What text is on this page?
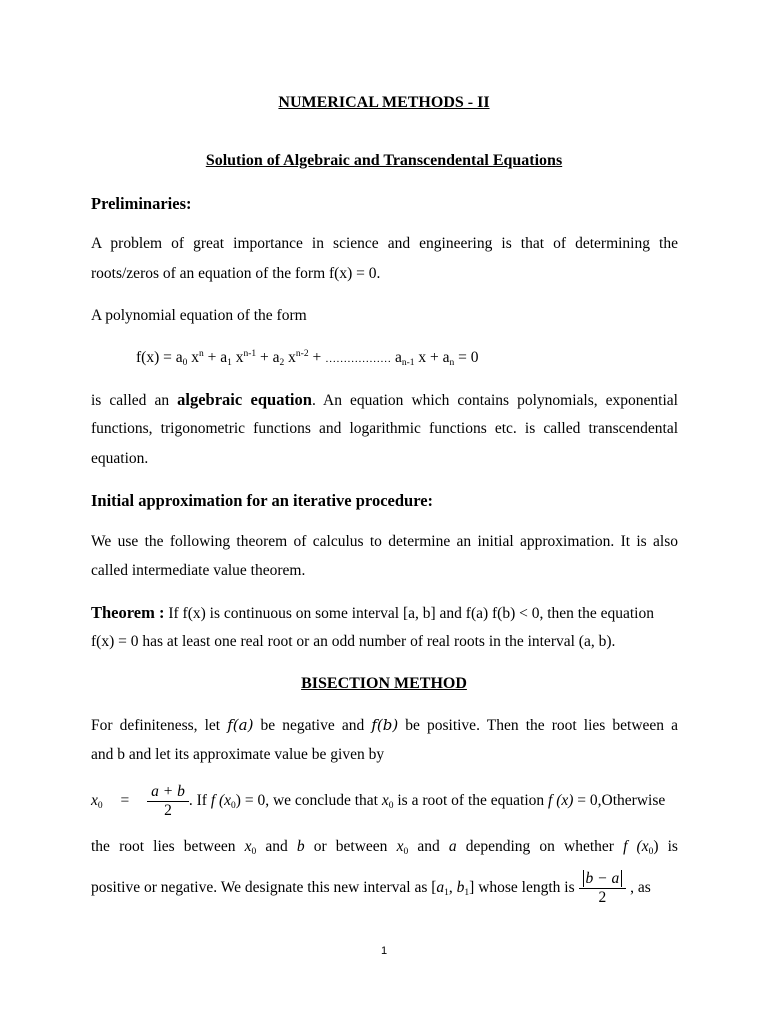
NUMERICAL METHODS - II
Solution of Algebraic and Transcendental Equations
Preliminaries:
A problem of great importance in science and engineering is that of determining the
roots/zeros of an equation of the form f(x) = 0.
A polynomial equation of the form
$f(x) = a_0$ $x^n + a_1$ $x^{n-1} + a_2$ $x^{n-2}$ + ……………… $a_{n-1}$ $x + a_n = 0$
is called an algebraic equation. An equation which contains polynomials, exponential
functions, trigonometric functions and logarithmic functions etc. is called transcendental
equation.
Initial approximation for an iterative procedure:
We use the following theorem of calculus to determine an initial approximation. It is also
called intermediate value theorem.
Theorem : If f(x) is continuous on some interval [a, b] and f(a) f(b) < 0, then the equation
f(x) = 0 has at least one real root or an odd number of real roots in the interval (a, b).
BISECTION METHOD
For definiteness, let f(a) be negative and f(b) be positive. Then the root lies between a
and b and let its approximate value be given by
$x_0 = \frac{a + b}{2}$ . If f $(x_0) = 0$, we conclude that $x_0$ is a root of the equation f (x) = 0,Otherwise
the root lies between $x_0$ and b or between $x_0$ and a depending on whether f $(x_0)$ is
positive or negative. We designate this new interval as [$a_1$, $b_1$] whose length is $\frac{b - a}{2}$ , as
1
